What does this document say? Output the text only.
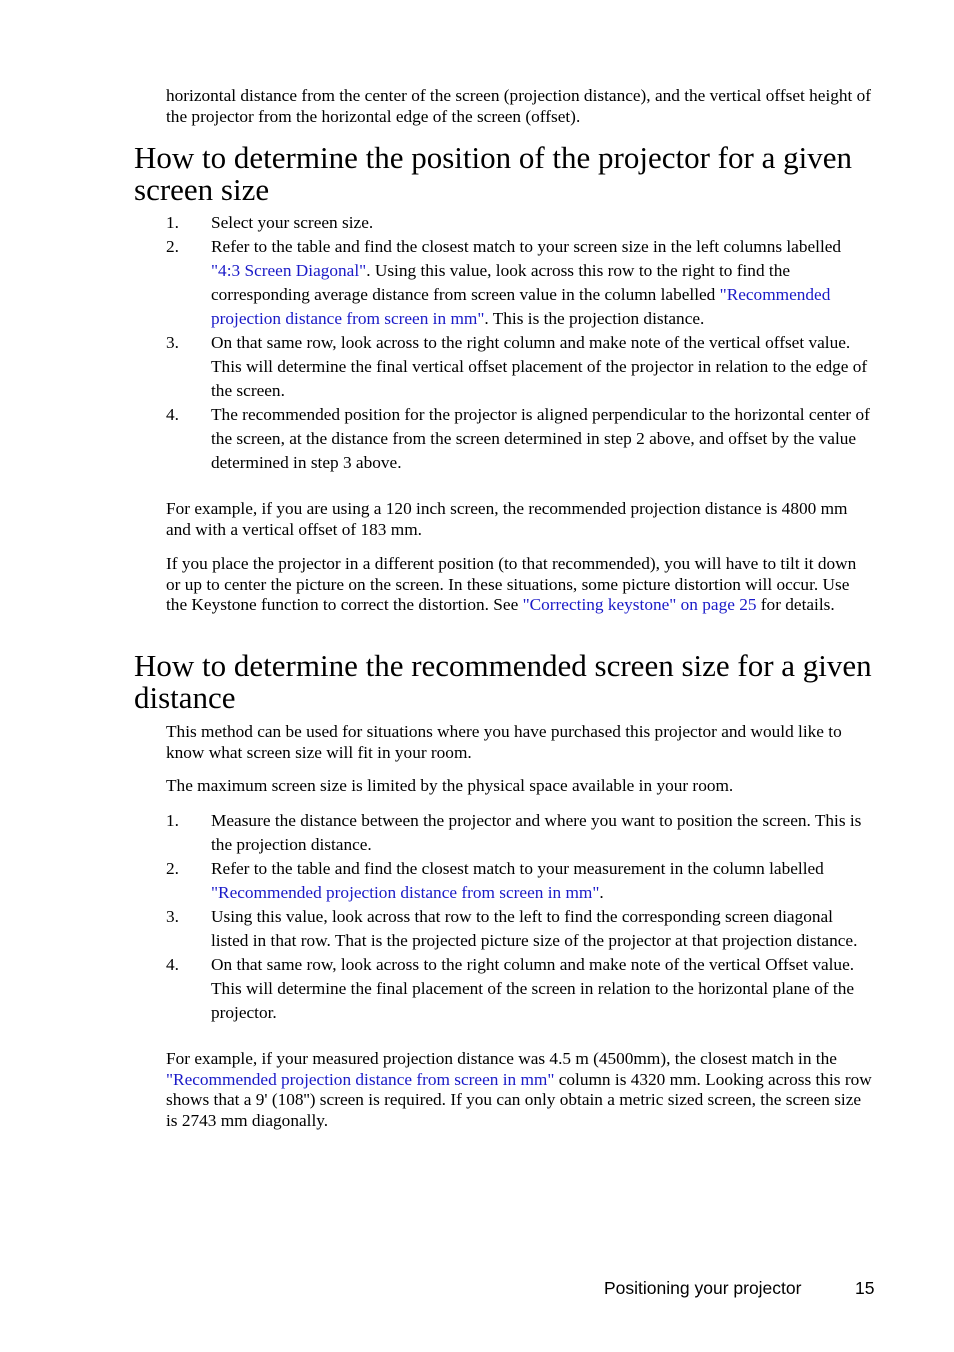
horizontal distance from the center of the screen (projection distance), and the vertical offset height of the projector from the horizontal edge of the screen (offset).

How to determine the position of the projector for a given screen size
1. Select your screen size.
2. Refer to the table and find the closest match to your screen size in the left columns labelled "4:3 Screen Diagonal". Using this value, look across this row to the right to find the corresponding average distance from screen value in the column labelled "Recommended projection distance from screen in mm". This is the projection distance.
3. On that same row, look across to the right column and make note of the vertical offset value. This will determine the final vertical offset placement of the projector in relation to the edge of the screen.
4. The recommended position for the projector is aligned perpendicular to the horizontal center of the screen, at the distance from the screen determined in step 2 above, and offset by the value determined in step 3 above.

For example, if you are using a 120 inch screen, the recommended projection distance is 4800 mm and with a vertical offset of 183 mm.

If you place the projector in a different position (to that recommended), you will have to tilt it down or up to center the picture on the screen. In these situations, some picture distortion will occur. Use the Keystone function to correct the distortion. See "Correcting keystone" on page 25 for details.

How to determine the recommended screen size for a given distance

This method can be used for situations where you have purchased this projector and would like to know what screen size will fit in your room.

The maximum screen size is limited by the physical space available in your room.

1. Measure the distance between the projector and where you want to position the screen. This is the projection distance.
2. Refer to the table and find the closest match to your measurement in the column labelled "Recommended projection distance from screen in mm".
3. Using this value, look across that row to the left to find the corresponding screen diagonal listed in that row. That is the projected picture size of the projector at that projection distance.
4. On that same row, look across to the right column and make note of the vertical Offset value. This will determine the final placement of the screen in relation to the horizontal plane of the projector.

For example, if your measured projection distance was 4.5 m (4500mm), the closest match in the "Recommended projection distance from screen in mm" column is 4320 mm. Looking across this row shows that a 9' (108'') screen is required. If you can only obtain a metric sized screen, the screen size is 2743 mm diagonally.

Positioning your projector	15
